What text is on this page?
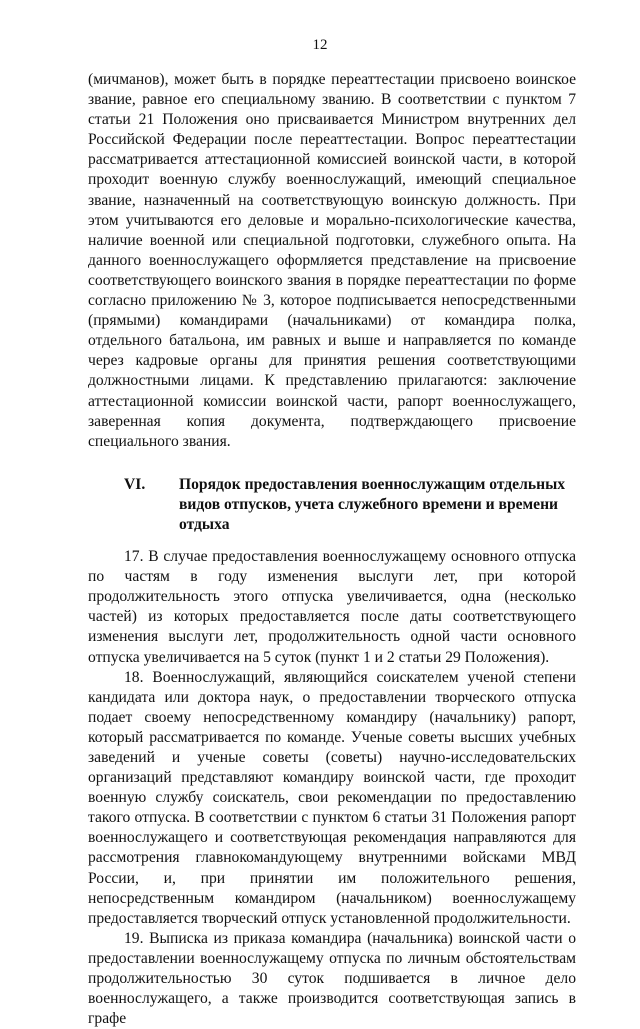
12

(мичманов), может быть в порядке переаттестации присвоено воинское звание, равное его специальному званию. В соответствии с пунктом 7 статьи 21 Положения оно присваивается Министром внутренних дел Российской Федерации после переаттестации. Вопрос переаттестации рассматривается аттестационной комиссией воинской части, в которой проходит военную службу военнослужащий, имеющий специальное звание, назначенный на соответствующую воинскую должность. При этом учитываются его деловые и морально-психологические качества, наличие военной или специальной подготовки, служебного опыта. На данного военнослужащего оформляется представление на присвоение соответствующего воинского звания в порядке переаттестации по форме согласно приложению № 3, которое подписывается непосредственными (прямыми) командирами (начальниками) от командира полка, отдельного батальона, им равных и выше и направляется по команде через кадровые органы для принятия решения соответствующими должностными лицами. К представлению прилагаются: заключение аттестационной комиссии воинской части, рапорт военнослужащего, заверенная копия документа, подтверждающего присвоение специального звания.

VI.	Порядок предоставления военнослужащим отдельных видов отпусков, учета служебного времени и времени отдыха

17. В случае предоставления военнослужащему основного отпуска по частям в году изменения выслуги лет, при которой продолжительность этого отпуска увеличивается, одна (несколько частей) из которых предоставляется после даты соответствующего изменения выслуги лет, продолжительность одной части основного отпуска увеличивается на 5 суток (пункт 1 и 2 статьи 29 Положения).

18. Военнослужащий, являющийся соискателем ученой степени кандидата или доктора наук, о предоставлении творческого отпуска подает своему непосредственному командиру (начальнику) рапорт, который рассматривается по команде. Ученые советы высших учебных заведений и ученые советы (советы) научно-исследовательских организаций представляют командиру воинской части, где проходит военную службу соискатель, свои рекомендации по предоставлению такого отпуска. В соответствии с пунктом 6 статьи 31 Положения рапорт военнослужащего и соответствующая рекомендация направляются для рассмотрения главнокомандующему внутренними войсками МВД России, и, при принятии им положительного решения, непосредственным командиром (начальником) военнослужащему предоставляется творческий отпуск установленной продолжительности.

19. Выписка из приказа командира (начальника) воинской части о предоставлении военнослужащему отпуска по личным обстоятельствам продолжительностью 30 суток подшивается в личное дело военнослужащего, а также производится соответствующая запись в графе
